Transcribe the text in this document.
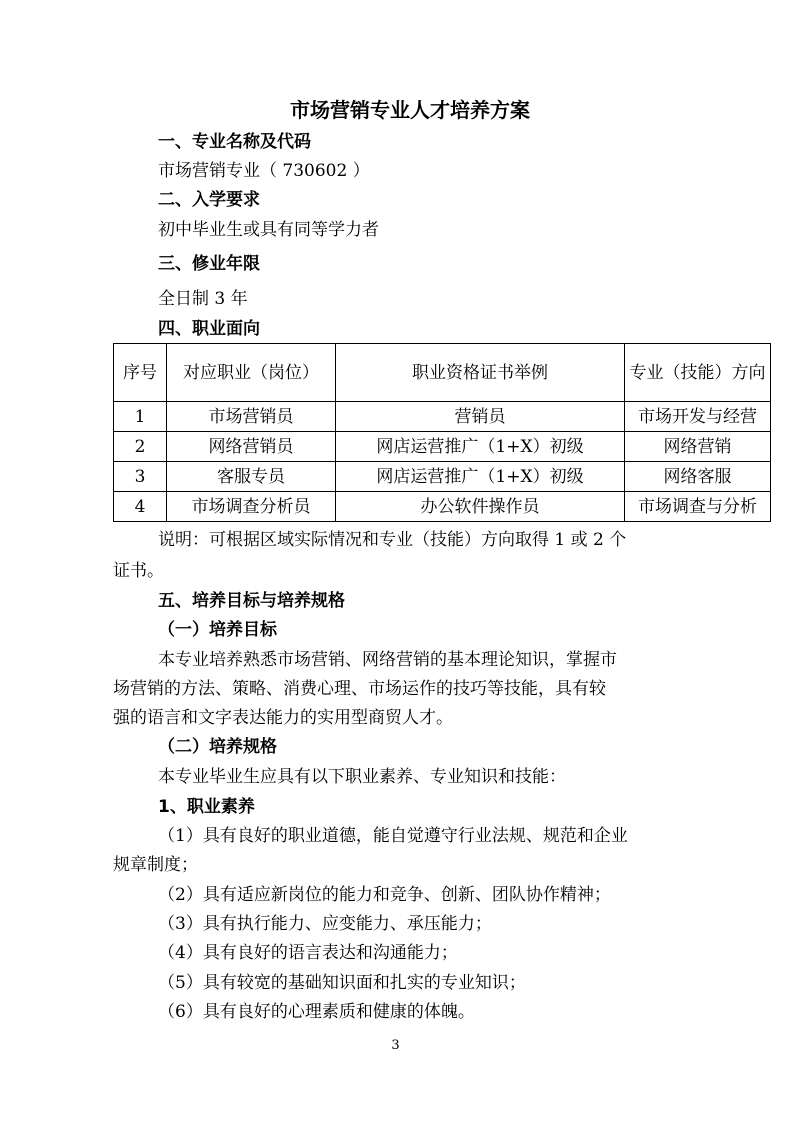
市场营销专业人才培养方案
一、专业名称及代码
市场营销专业（ 730602 ）
二、入学要求
初中毕业生或具有同等学力者
三、修业年限
全日制 3 年
四、职业面向
序号	对应职业（岗位）	职业资格证书举例	专业（技能）方向
1	市场营销员	营销员	市场开发与经营
2	网络营销员	网店运营推广（1+X）初级	网络营销
3	客服专员	网店运营推广（1+X）初级	网络客服
4	市场调查分析员	办公软件操作员	市场调查与分析
说明：可根据区域实际情况和专业（技能）方向取得 1 或 2 个
证书。
五、培养目标与培养规格
（一）培养目标
本专业培养熟悉市场营销、网络营销的基本理论知识，掌握市
场营销的方法、策略、消费心理、市场运作的技巧等技能，具有较
强的语言和文字表达能力的实用型商贸人才。
（二）培养规格
本专业毕业生应具有以下职业素养、专业知识和技能：
1、职业素养
（1）具有良好的职业道德，能自觉遵守行业法规、规范和企业
规章制度；
（2）具有适应新岗位的能力和竞争、创新、团队协作精神；
（3）具有执行能力、应变能力、承压能力；
（4）具有良好的语言表达和沟通能力；
（5）具有较宽的基础知识面和扎实的专业知识；
（6）具有良好的心理素质和健康的体魄。
3
